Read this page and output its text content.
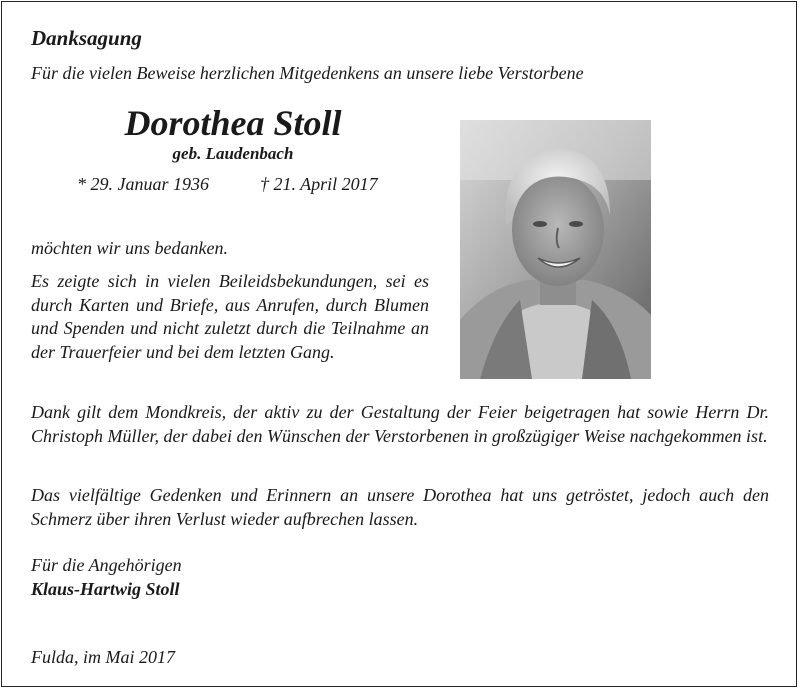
Danksagung
Für die vielen Beweise herzlichen Mitgedenkens an unsere liebe Verstorbene
Dorothea Stoll
geb. Laudenbach
* 29. Januar 1936	† 21. April 2017
möchten wir uns bedanken.

Es zeigte sich in vielen Beileidsbekundungen, sei es durch Karten und Briefe, aus Anrufen, durch Blumen und Spenden und nicht zuletzt durch die Teilnahme an der Trauerfeier und bei dem letzten Gang.

Dank gilt dem Mondkreis, der aktiv zu der Gestaltung der Feier beigetragen hat sowie Herrn Dr. Christoph Müller, der dabei den Wünschen der Verstorbenen in großzügiger Weise nachgekommen ist.

Das vielfältige Gedenken und Erinnern an unsere Dorothea hat uns getröstet, jedoch auch den Schmerz über ihren Verlust wieder aufbrechen lassen.

Für die Angehörigen
Klaus-Hartwig Stoll
Fulda, im Mai 2017
